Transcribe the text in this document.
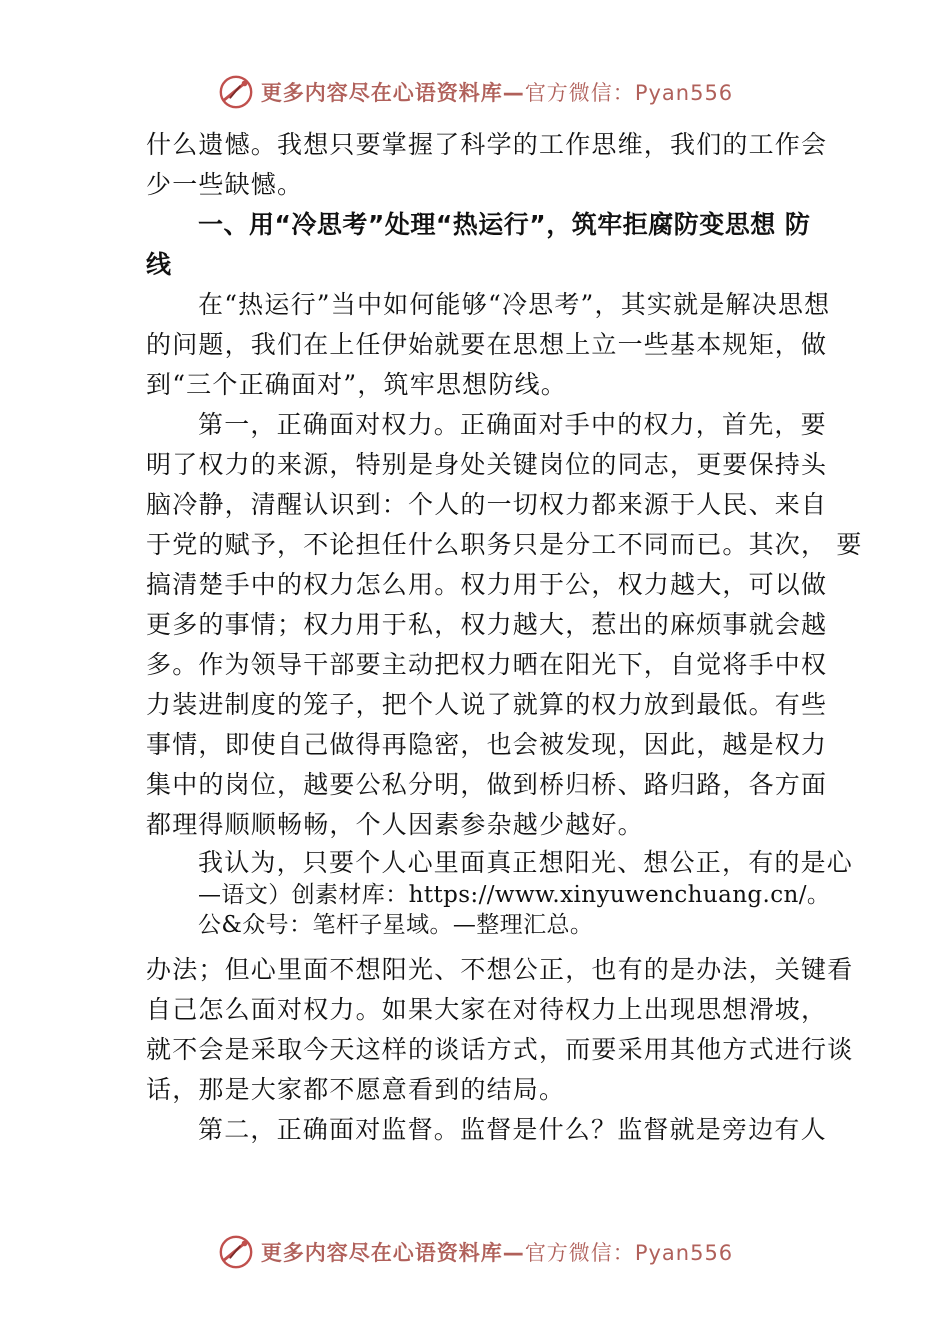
更多内容尽在心语资料库—官方微信：Pyan556
什么遗憾。我想只要掌握了科学的工作思维，我们的工作会
少一些缺憾。
一、用“冷思考”处理“热运行”，筑牢拒腐防变思想 防
线
在“热运行”当中如何能够“冷思考”，其实就是解决思想
的问题，我们在上任伊始就要在思想上立一些基本规矩，做
到“三个正确面对”，筑牢思想防线。
第一，正确面对权力。正确面对手中的权力，首先，要
明了权力的来源，特别是身处关键岗位的同志，更要保持头
脑冷静，清醒认识到：个人的一切权力都来源于人民、来自
于党的赋予，不论担任什么职务只是分工不同而已。其次， 要
搞清楚手中的权力怎么用。权力用于公，权力越大，可以做
更多的事情；权力用于私，权力越大，惹出的麻烦事就会越
多。作为领导干部要主动把权力晒在阳光下，自觉将手中权
力装进制度的笼子，把个人说了就算的权力放到最低。有些
事情，即使自己做得再隐密，也会被发现，因此，越是权力
集中的岗位，越要公私分明，做到桥归桥、路归路，各方面
都理得顺顺畅畅，个人因素参杂越少越好。
我认为，只要个人心里面真正想阳光、想公正，有的是心
—语文）创素材库：https://www.xinyuwenchuang.cn/。
公&众号：笔杆子星域。—整理汇总。
办法；但心里面不想阳光、不想公正，也有的是办法，关键看
自己怎么面对权力。如果大家在对待权力上出现思想滑坡，
就不会是采取今天这样的谈话方式，而要采用其他方式进行谈
话，那是大家都不愿意看到的结局。
第二，正确面对监督。监督是什么？监督就是旁边有人
更多内容尽在心语资料库—官方微信：Pyan556
